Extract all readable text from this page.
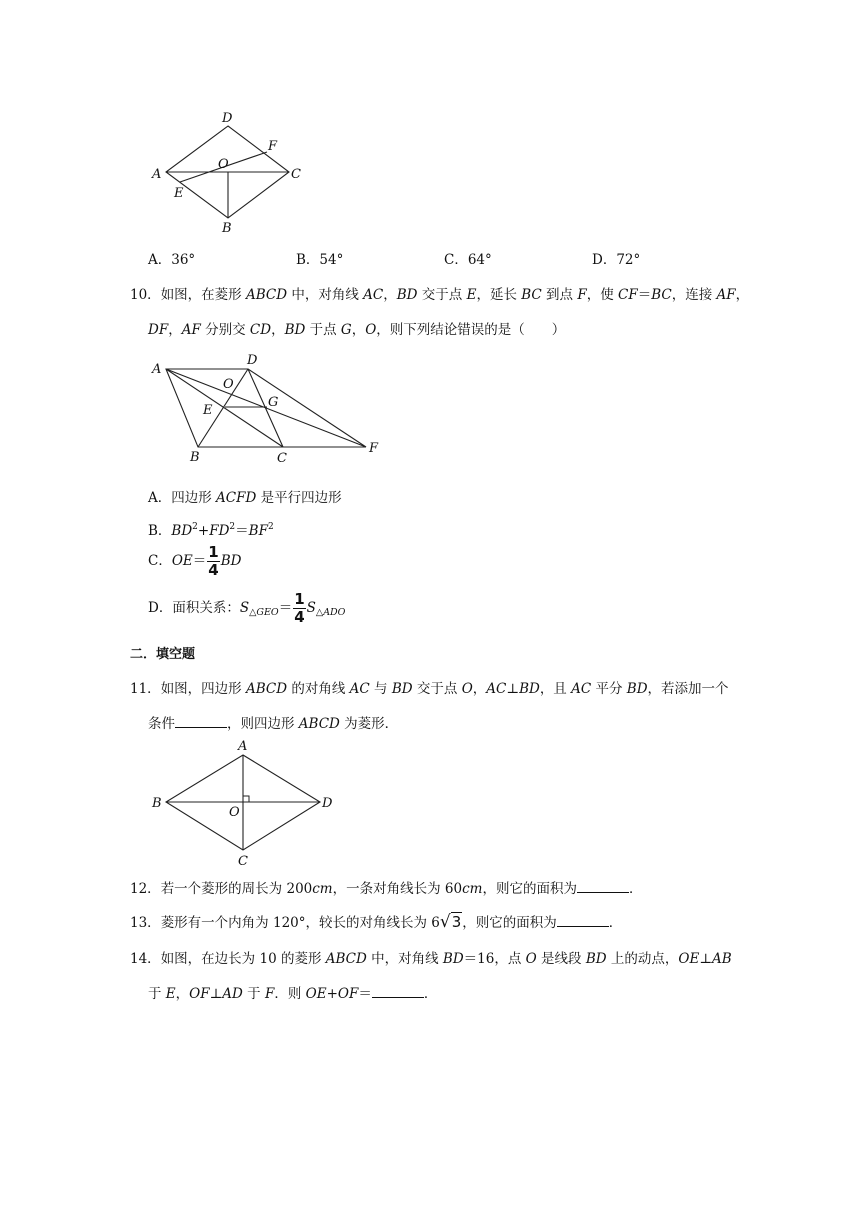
D
F
O
A	C
E
B
A．36°	B．54°	C．64°	D．72°
10．如图，在菱形 ABCD 中，对角线 AC，BD 交于点 E，延长 BC 到点 F，使 CF＝BC，连接 AF，
DF，AF 分别交 CD，BD 于点 G，O，则下列结论错误的是（　　）
A
D
O
G
E
B	C
F
A．四边形 ACFD 是平行四边形
B．$BD^2+FD^2=BF^2$
C．$OE= \frac{1}{4}$ BD
D．面积关系：$S_{\triangle GEO}= \frac{1}{4} S_{\triangle ADO}$
二．填空题
11．如图，四边形 ABCD 的对角线 AC 与 BD 交于点 O，AC⊥BD，且 AC 平分 BD，若添加一个
条件	，则四边形 ABCD 为菱形．
A
B
O
D
C
12．若一个菱形的周长为 200cm，一条对角线长为 60cm，则它的面积为	．
13．菱形有一个内角为 120°，较长的对角线长为 6√3，则它的面积为	．
14．如图，在边长为 10 的菱形 ABCD 中，对角线 BD＝16，点 O 是线段 BD 上的动点，OE⊥AB
于 E，OF⊥AD 于 F．则 OE+OF＝	．
